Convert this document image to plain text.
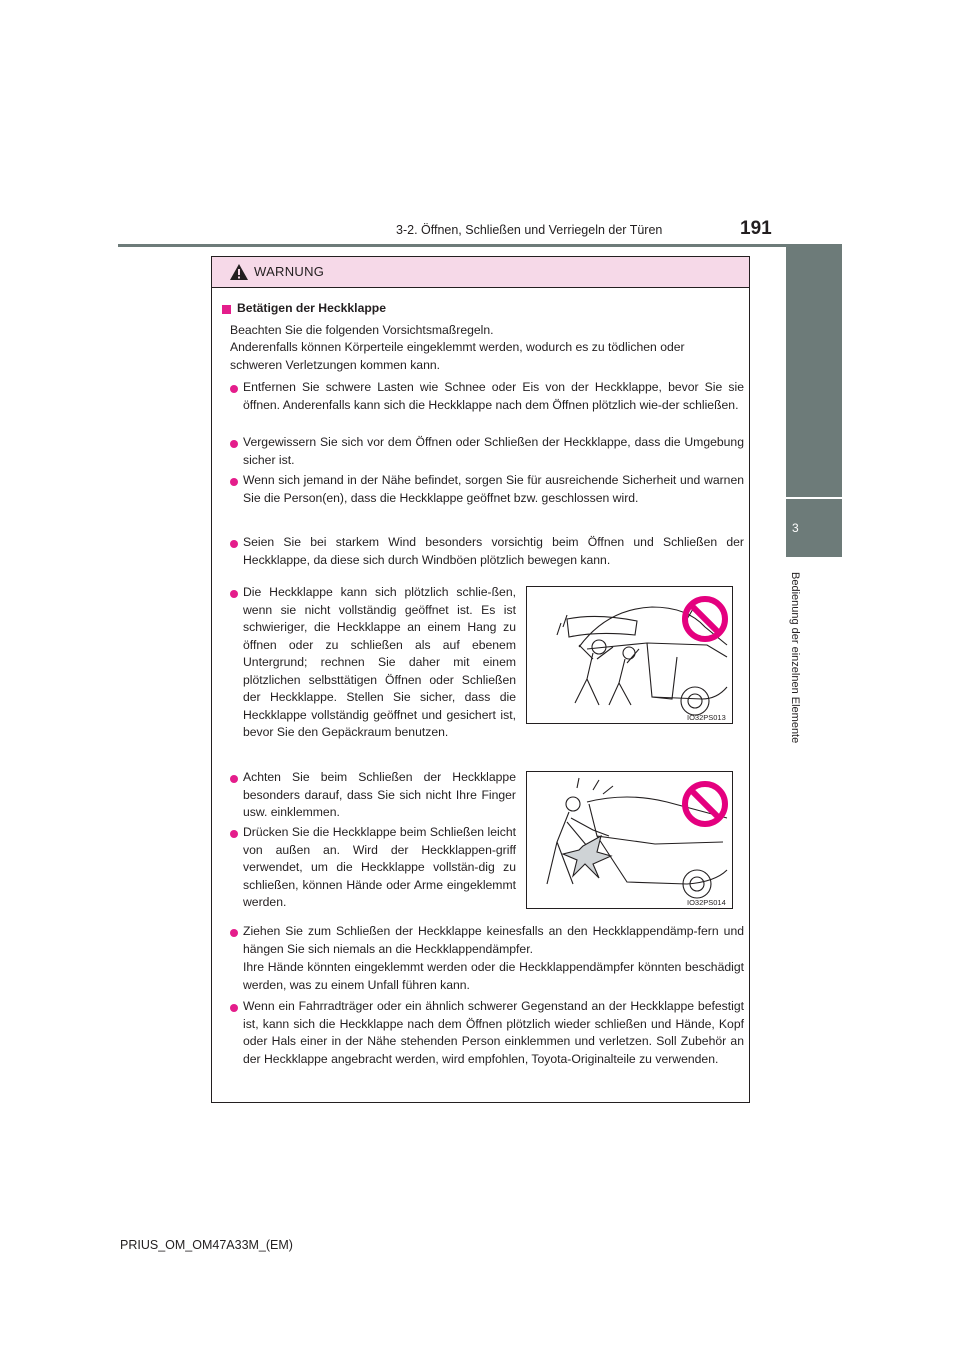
3-2. Öffnen, Schließen und Verriegeln der Türen	191
3
Bedienung der einzelnen Elemente
WARNUNG
Betätigen der Heckklappe
Beachten Sie die folgenden Vorsichtsmaßregeln.
Anderenfalls können Körperteile eingeklemmt werden, wodurch es zu tödlichen oder
schweren Verletzungen kommen kann.
Entfernen Sie schwere Lasten wie Schnee oder Eis von der Heckklappe, bevor Sie sie öffnen. Anderenfalls kann sich die Heckklappe nach dem Öffnen plötzlich wie-der schließen.
Vergewissern Sie sich vor dem Öffnen oder Schließen der Heckklappe, dass die Umgebung sicher ist.
Wenn sich jemand in der Nähe befindet, sorgen Sie für ausreichende Sicherheit und warnen Sie die Person(en), dass die Heckklappe geöffnet bzw. geschlossen wird.
Seien Sie bei starkem Wind besonders vorsichtig beim Öffnen und Schließen der Heckklappe, da diese sich durch Windböen plötzlich bewegen kann.
Die Heckklappe kann sich plötzlich schlie-ßen, wenn sie nicht vollständig geöffnet ist. Es ist schwieriger, die Heckklappe an einem Hang zu öffnen oder zu schließen als auf ebenem Untergrund; rechnen Sie daher mit einem plötzlichen selbsttätigen Öffnen oder Schließen der Heckklappe. Stellen Sie sicher, dass die Heckklappe vollständig geöffnet und gesichert ist, bevor Sie den Gepäckraum benutzen.
IO32PS013
Achten Sie beim Schließen der Heckklappe besonders darauf, dass Sie sich nicht Ihre Finger usw. einklemmen.
Drücken Sie die Heckklappe beim Schließen leicht von außen an. Wird der Heckklappen-griff verwendet, um die Heckklappe vollstän-dig zu schließen, können Hände oder Arme eingeklemmt werden.	IO32PS014
Ziehen Sie zum Schließen der Heckklappe keinesfalls an den Heckklappendämp-fern und hängen Sie sich niemals an die Heckklappendämpfer.
Ihre Hände könnten eingeklemmt werden oder die Heckklappendämpfer könnten beschädigt werden, was zu einem Unfall führen kann.
Wenn ein Fahrradträger oder ein ähnlich schwerer Gegenstand an der Heckklappe befestigt ist, kann sich die Heckklappe nach dem Öffnen plötzlich wieder schließen und Hände, Kopf oder Hals einer in der Nähe stehenden Person einklemmen und verletzen. Soll Zubehör an der Heckklappe angebracht werden, wird empfohlen, Toyota-Originalteile zu verwenden.
PRIUS_OM_OM47A33M_(EM)
